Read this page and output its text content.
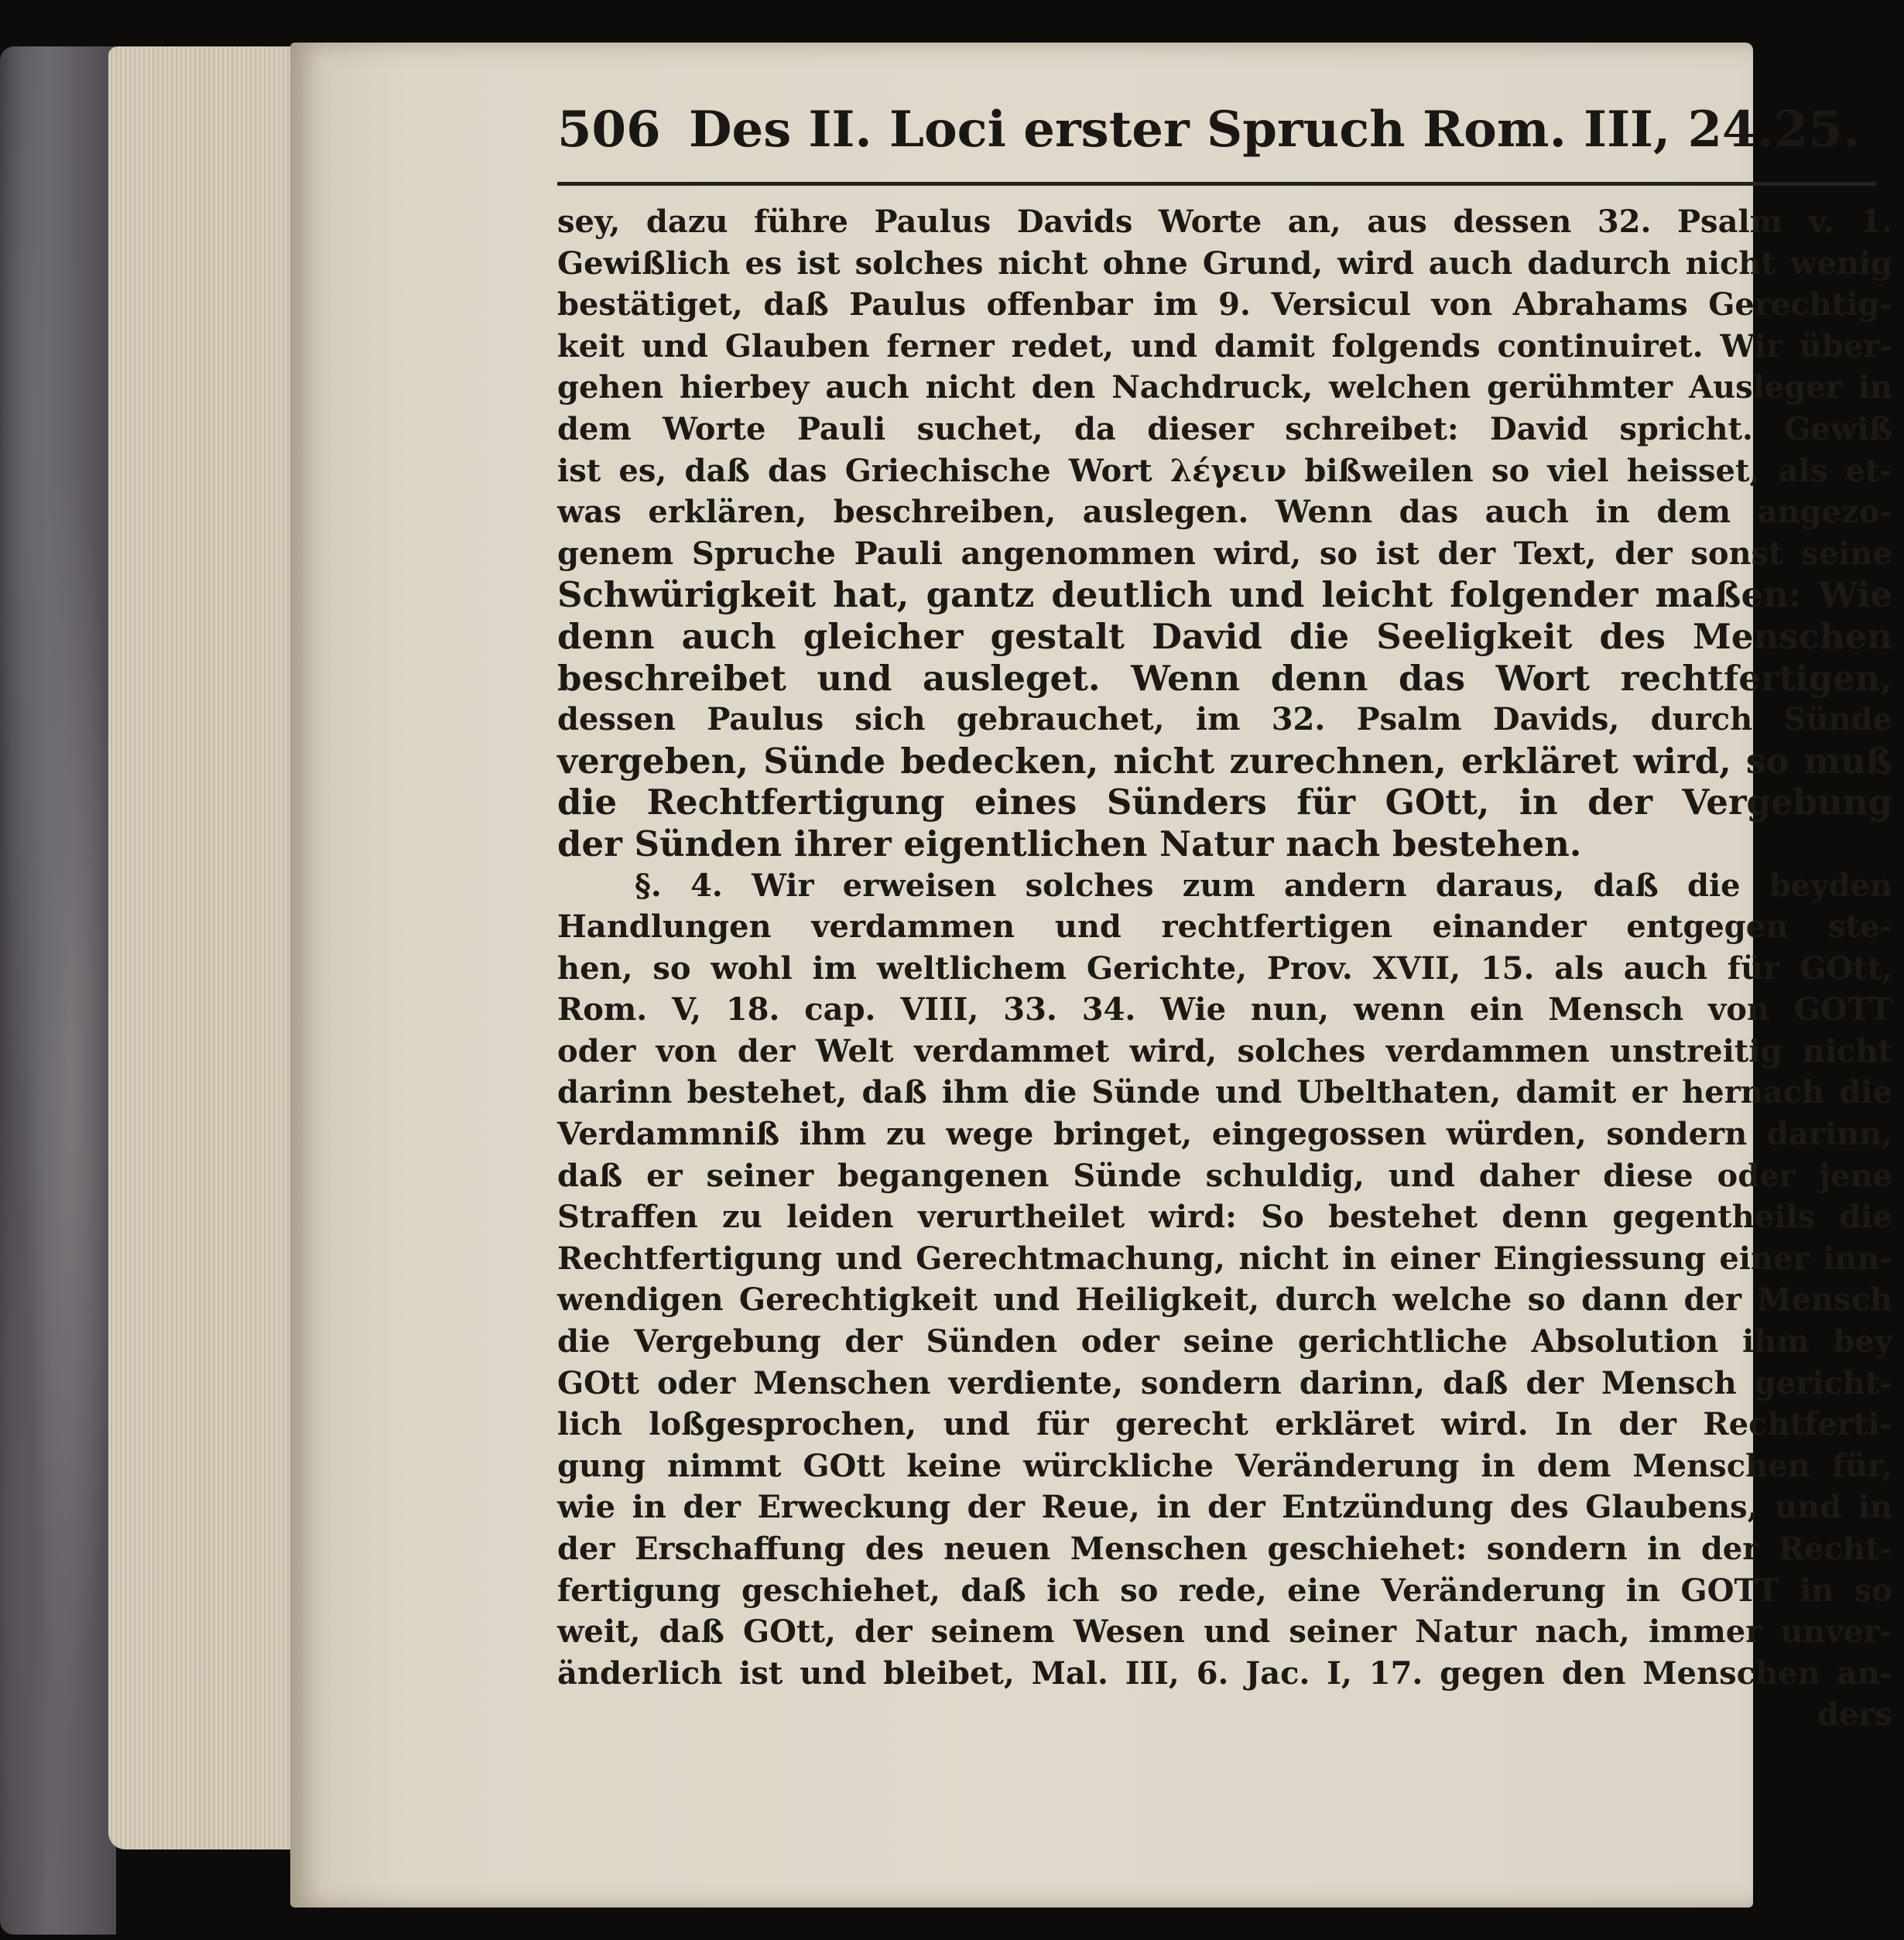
506 Des II. Loci erster Spruch Rom. III, 24.25.
sey, dazu führe Paulus Davids Worte an, aus dessen 32. Psalm v. 1.
Gewißlich es ist solches nicht ohne Grund, wird auch dadurch nicht wenig
bestätiget, daß Paulus offenbar im 9. Versicul von Abrahams Gerechtig-
keit und Glauben ferner redet, und damit folgends continuiret. Wir über-
gehen hierbey auch nicht den Nachdruck, welchen gerühmter Ausleger in
dem Worte Pauli suchet, da dieser schreibet: David spricht. Gewiß
ist es, daß das Griechische Wort λέγειν bißweilen so viel heisset, als et-
was erklären, beschreiben, auslegen. Wenn das auch in dem angezo-
genem Spruche Pauli angenommen wird, so ist der Text, der sonst seine
Schwürigkeit hat, gantz deutlich und leicht folgender maßen: Wie
denn auch gleicher gestalt David die Seeligkeit des Menschen
beschreibet und ausleget. Wenn denn das Wort rechtfertigen,
dessen Paulus sich gebrauchet, im 32. Psalm Davids, durch Sünde
vergeben, Sünde bedecken, nicht zurechnen, erkläret wird, so muß
die Rechtfertigung eines Sünders für GOtt, in der Vergebung
der Sünden ihrer eigentlichen Natur nach bestehen.
§. 4. Wir erweisen solches zum andern daraus, daß die beyden
Handlungen verdammen und rechtfertigen einander entgegen ste-
hen, so wohl im weltlichem Gerichte, Prov. XVII, 15. als auch für GOtt,
Rom. V, 18. cap. VIII, 33. 34. Wie nun, wenn ein Mensch von GOTT
oder von der Welt verdammet wird, solches verdammen unstreitig nicht
darinn bestehet, daß ihm die Sünde und Ubelthaten, damit er hernach die
Verdammniß ihm zu wege bringet, eingegossen würden, sondern darinn,
daß er seiner begangenen Sünde schuldig, und daher diese oder jene
Straffen zu leiden verurtheilet wird: So bestehet denn gegentheils die
Rechtfertigung und Gerechtmachung, nicht in einer Eingiessung einer inn-
wendigen Gerechtigkeit und Heiligkeit, durch welche so dann der Mensch
die Vergebung der Sünden oder seine gerichtliche Absolution ihm bey
GOtt oder Menschen verdiente, sondern darinn, daß der Mensch gericht-
lich loßgesprochen, und für gerecht erkläret wird. In der Rechtferti-
gung nimmt GOtt keine würckliche Veränderung in dem Menschen für,
wie in der Erweckung der Reue, in der Entzündung des Glaubens, und in
der Erschaffung des neuen Menschen geschiehet: sondern in der Recht-
fertigung geschiehet, daß ich so rede, eine Veränderung in GOTT in so
weit, daß GOtt, der seinem Wesen und seiner Natur nach, immer unver-
änderlich ist und bleibet, Mal. III, 6. Jac. I, 17. gegen den Menschen an-
ders
